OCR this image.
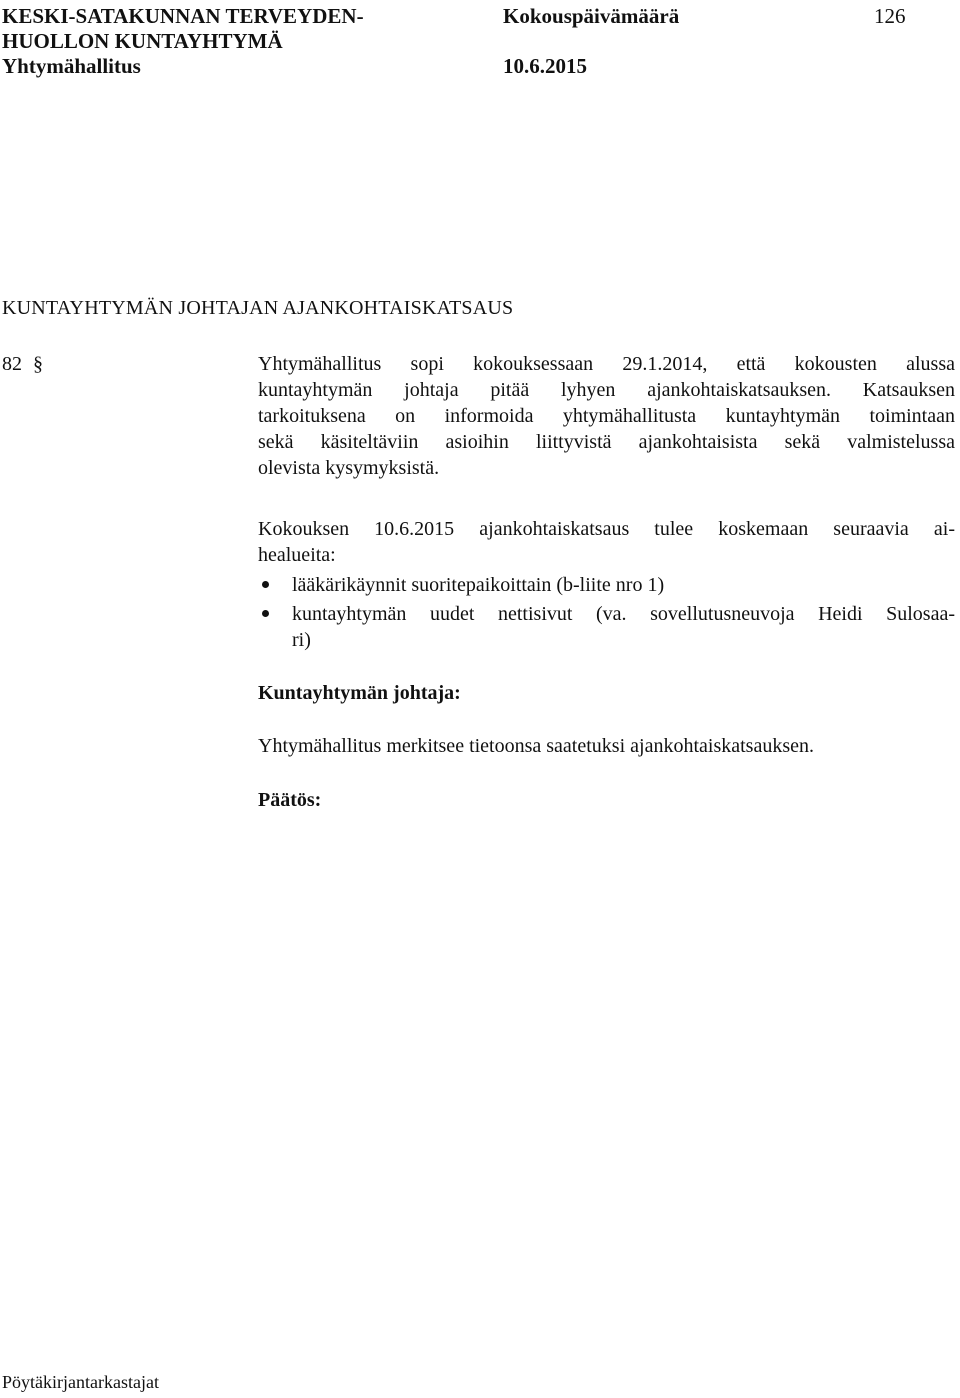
KESKI-SATAKUNNAN TERVEYDEN-
HUOLLON KUNTAYHTYMÄ
Yhtymähallitus
Kokouspäivämäärä
10.6.2015
126
KUNTAYHTYMÄN JOHTAJAN AJANKOHTAISKATSAUS
82 §	Yhtymähallitus sopi kokouksessaan 29.1.2014, että kokousten alussa
kuntayhtymän johtaja pitää lyhyen ajankohtaiskatsauksen. Katsauksen
tarkoituksena on informoida yhtymähallitusta kuntayhtymän toimintaan
sekä käsiteltäviin asioihin liittyvistä ajankohtaisista sekä valmistelussa
olevista kysymyksistä.
Kokouksen 10.6.2015 ajankohtaiskatsaus tulee koskemaan seuraavia ai-
healueita:
lääkärikäynnit suoritepaikoittain (b-liite nro 1)
kuntayhtymän uudet nettisivut (va. sovellutusneuvoja Heidi Sulosaa-
ri)
Kuntayhtymän johtaja:
Yhtymähallitus merkitsee tietoonsa saatetuksi ajankohtaiskatsauksen.
Päätös:
Pöytäkirjantarkastajat
